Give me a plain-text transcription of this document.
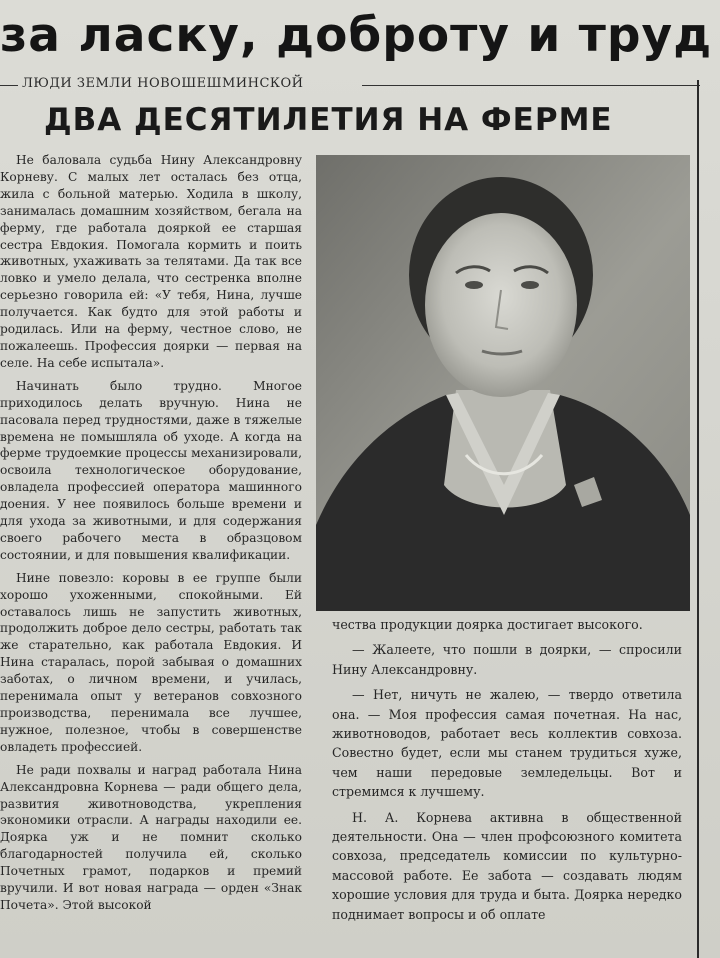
за ласку, доброту и труд
ЛЮДИ ЗЕМЛИ НОВОШЕШМИНСКОЙ
ДВА ДЕСЯТИЛЕТИЯ НА ФЕРМЕ

Не баловала судьба Нину Александровну Корневу. С малых лет осталась без отца, жила с больной матерью. Ходила в школу, занималась домашним хозяйством, бегала на ферму, где работала дояркой ее старшая сестра Евдокия. Помогала кормить и поить животных, ухаживать за телятами. Да так все ловко и умело делала, что сестренка вполне серьезно говорила ей: «У тебя, Нина, лучше получается. Как будто для этой работы и родилась. Или на ферму, честное слово, не пожалеешь. Профессия доярки — первая на селе. На себе испытала».

Начинать было трудно. Многое приходилось делать вручную. Нина не пасовала перед трудностями, даже в тяжелые времена не помышляла об уходе. А когда на ферме трудоемкие процессы механизировали, освоила технологическое оборудование, овладела профессией оператора машинного доения. У нее появилось больше времени и для ухода за животными, и для содержания своего рабочего места в образцовом состоянии, и для повышения квалификации.

Нине повезло: коровы в ее группе были хорошо ухоженными, спокойными. Ей оставалось лишь не запустить животных, продолжить доброе дело сестры, работать так же старательно, как работала Евдокия. И Нина старалась, порой забывая о домашних заботах, о личном времени, и училась, перенимала опыт у ветеранов совхозного производства, перенимала все лучшее, нужное, полезное, чтобы в совершенстве овладеть профессией.

Не ради похвалы и наград работала Нина Александровна Корнева — ради общего дела, развития животноводства, укрепления экономики отрасли. А награды находили ее. Доярка уж и не помнит сколько благодарностей получила ей, сколько Почетных грамот, подарков и премий вручили. И вот новая награда — орден «Знак Почета». Этой высокой

чества продукции доярка достигает высокого.

— Жалеете, что пошли в доярки, — спросили Нину Александровну.

— Нет, ничуть не жалею, — твердо ответила она. — Моя профессия самая почетная. На нас, животноводов, работает весь коллектив совхоза. Совестно будет, если мы станем трудиться хуже, чем наши передовые земледельцы. Вот и стремимся к лучшему.

Н. А. Корнева активна в общественной деятельности. Она — член профсоюзного комитета совхоза, председатель комиссии по культурно-массовой работе. Ее забота — создавать людям хорошие условия для труда и быта. Доярка нередко поднимает вопросы и об оплате
